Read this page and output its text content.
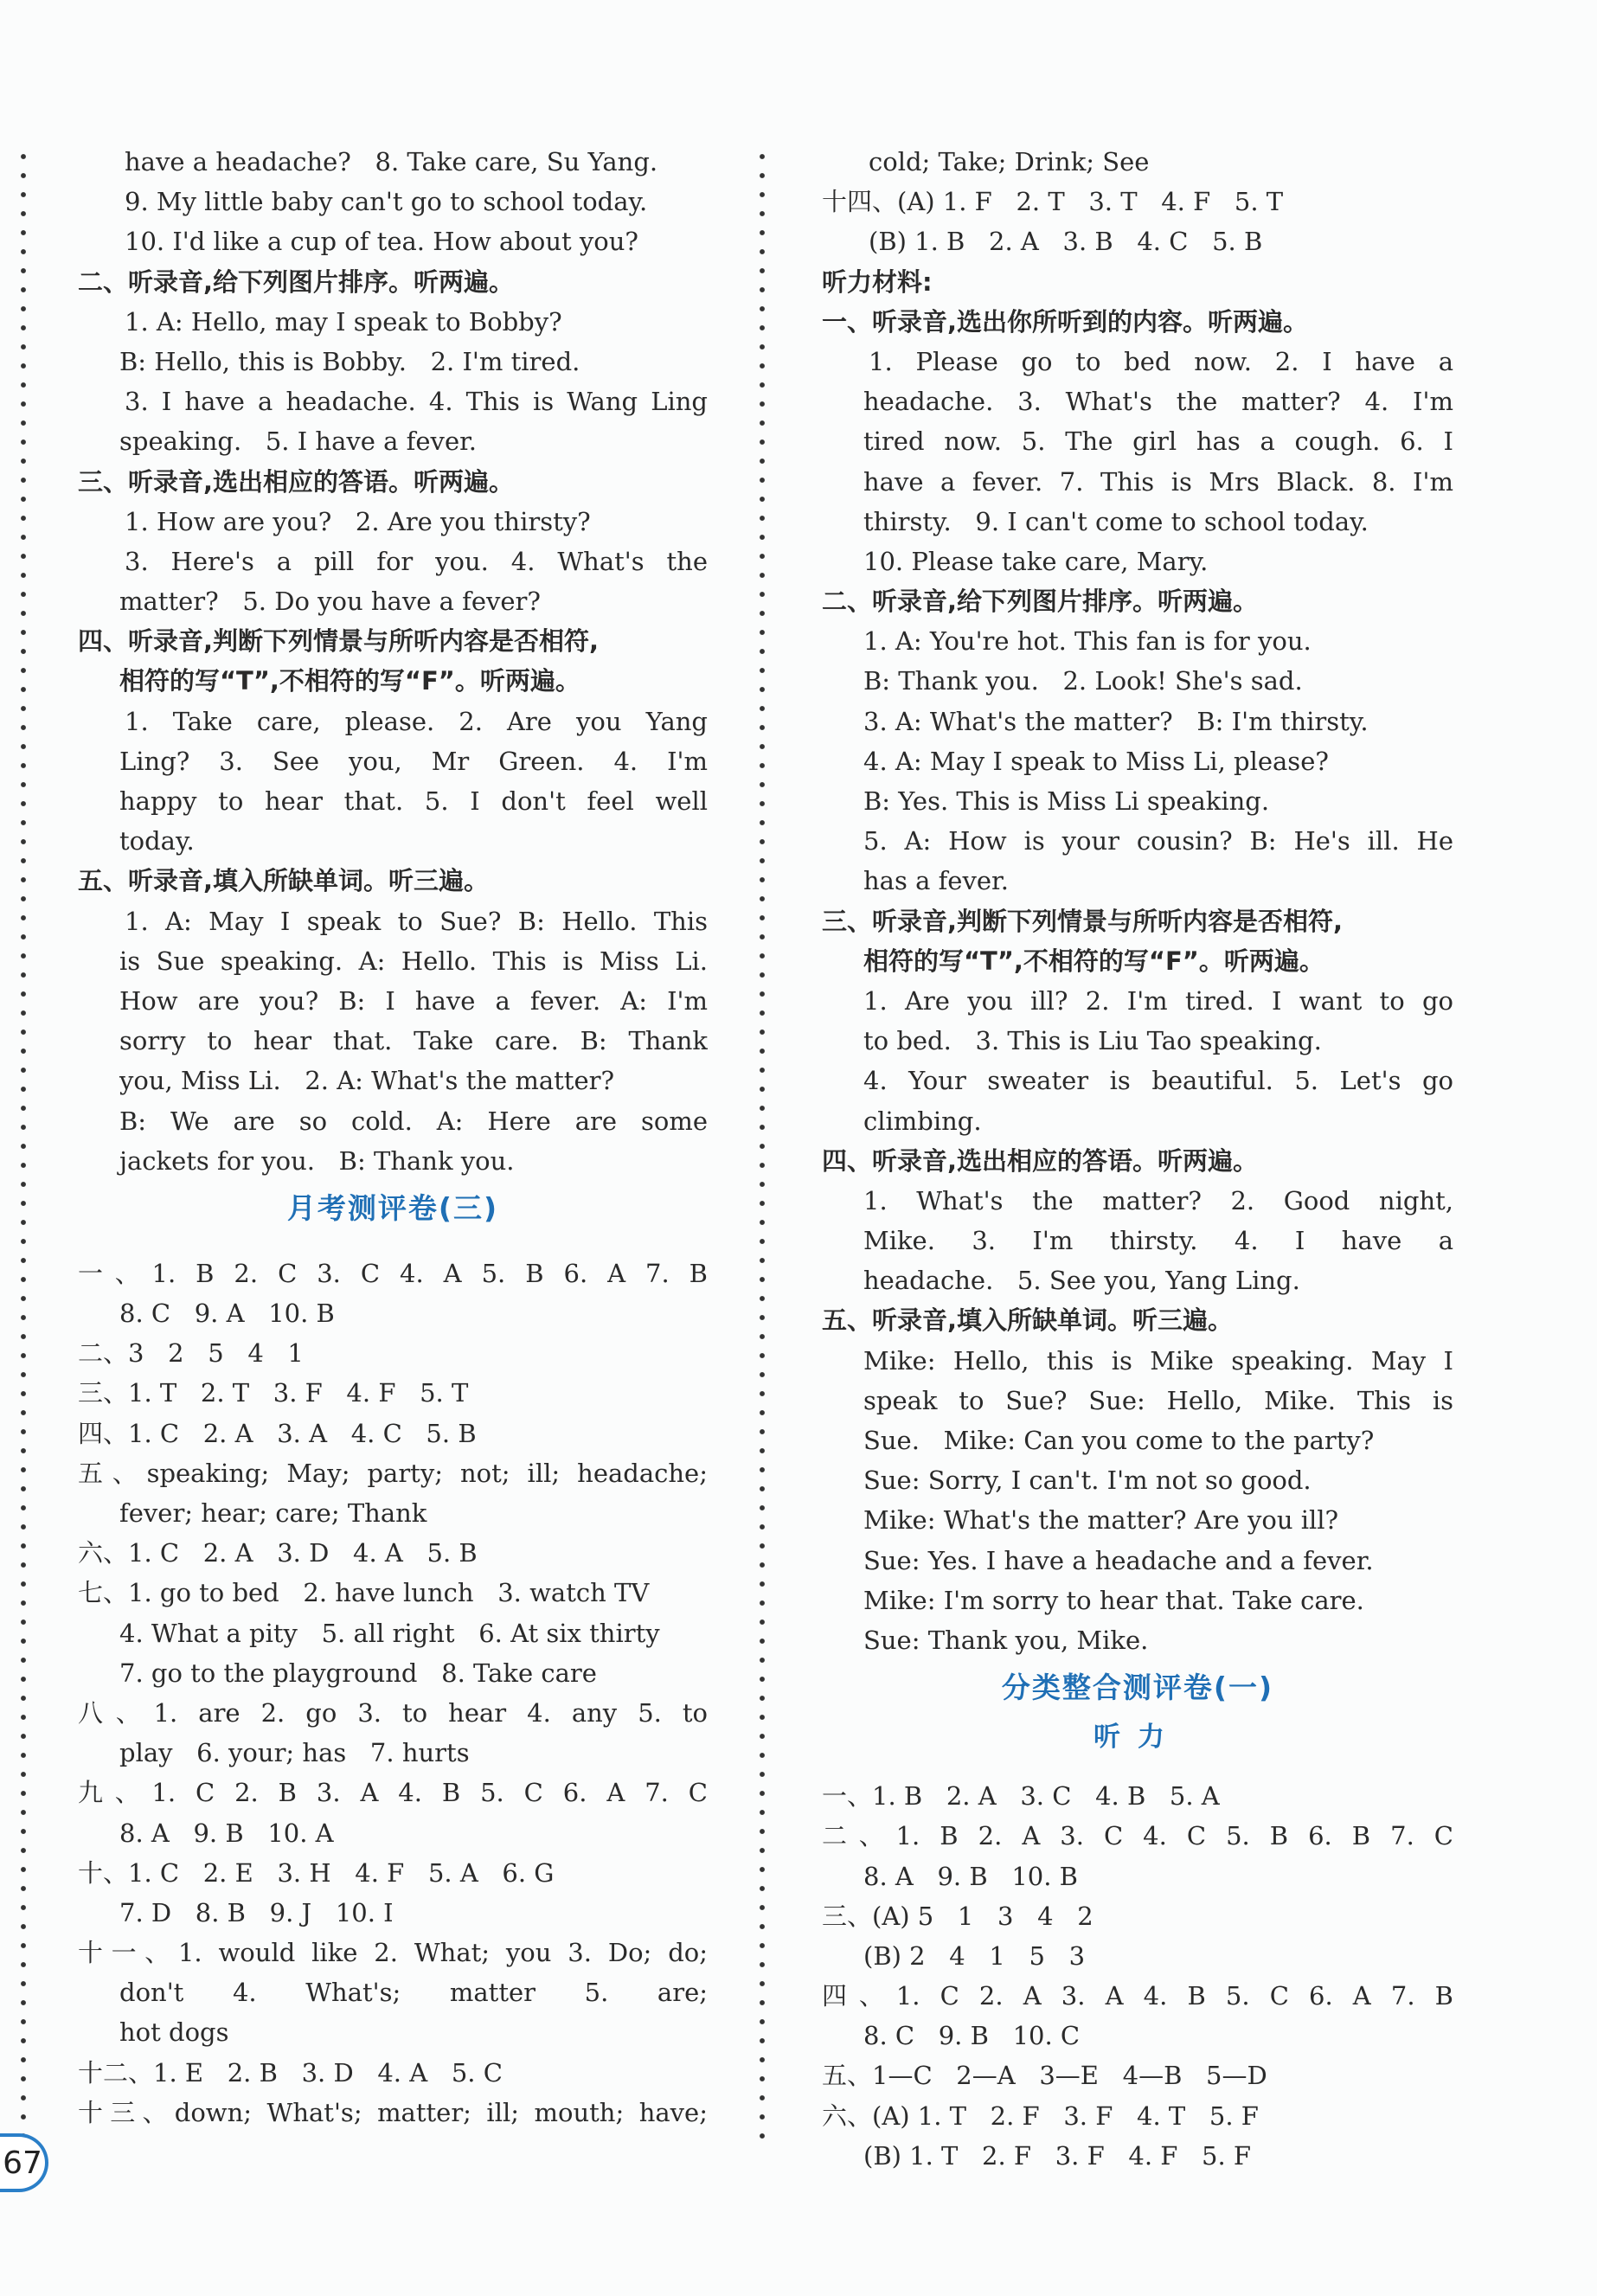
have a headache?   8. Take care, Su Yang.
9. My little baby can't go to school today.
10. I'd like a cup of tea. How about you?
二、听录音,给下列图片排序。听两遍。
1. A: Hello, may I speak to Bobby?
B: Hello, this is Bobby.   2. I'm tired.
3. I have a headache. 4. This is Wang Ling
speaking.   5. I have a fever.
三、听录音,选出相应的答语。听两遍。
1. How are you?   2. Are you thirsty?
3. Here's a pill for you. 4. What's the
matter?   5. Do you have a fever?
四、听录音,判断下列情景与所听内容是否相符,
相符的写“T”,不相符的写“F”。听两遍。
1. Take care, please. 2. Are you Yang
Ling? 3. See you, Mr Green. 4. I'm
happy to hear that. 5. I don't feel well
today.
五、听录音,填入所缺单词。听三遍。
1. A: May I speak to Sue? B: Hello. This
is Sue speaking. A: Hello. This is Miss Li.
How are you? B: I have a fever. A: I'm
sorry to hear that. Take care. B: Thank
you, Miss Li.   2. A: What's the matter?
B: We are so cold. A: Here are some
jackets for you.   B: Thank you.
月考测评卷(三)
一、1. B 2. C 3. C 4. A 5. B 6. A 7. B
8. C   9. A   10. B
二、3   2   5   4   1
三、1. T   2. T   3. F   4. F   5. T
四、1. C   2. A   3. A   4. C   5. B
五、speaking; May; party; not; ill; headache;
fever; hear; care; Thank
六、1. C   2. A   3. D   4. A   5. B
七、1. go to bed   2. have lunch   3. watch TV
4. What a pity   5. all right   6. At six thirty
7. go to the playground   8. Take care
八、1. are 2. go 3. to hear 4. any 5. to
play   6. your; has   7. hurts
九、1. C 2. B 3. A 4. B 5. C 6. A 7. C
8. A   9. B   10. A
十、1. C   2. E   3. H   4. F   5. A   6. G
7. D   8. B   9. J   10. I
十一、1. would like 2. What; you 3. Do; do;
don't 4. What's; matter 5. are;
hot dogs
十二、1. E   2. B   3. D   4. A   5. C
十三、down; What's; matter; ill; mouth; have;
cold; Take; Drink; See
十四、(A) 1. F   2. T   3. T   4. F   5. T
(B) 1. B   2. A   3. B   4. C   5. B
听力材料:
一、听录音,选出你所听到的内容。听两遍。
1. Please go to bed now. 2. I have a
headache. 3. What's the matter? 4. I'm
tired now. 5. The girl has a cough. 6. I
have a fever. 7. This is Mrs Black. 8. I'm
thirsty.   9. I can't come to school today.
10. Please take care, Mary.
二、听录音,给下列图片排序。听两遍。
1. A: You're hot. This fan is for you.
B: Thank you.   2. Look! She's sad.
3. A: What's the matter?   B: I'm thirsty.
4. A: May I speak to Miss Li, please?
B: Yes. This is Miss Li speaking.
5. A: How is your cousin? B: He's ill. He
has a fever.
三、听录音,判断下列情景与所听内容是否相符,
相符的写“T”,不相符的写“F”。听两遍。
1. Are you ill? 2. I'm tired. I want to go
to bed.   3. This is Liu Tao speaking.
4. Your sweater is beautiful. 5. Let's go
climbing.
四、听录音,选出相应的答语。听两遍。
1. What's the matter? 2. Good night,
Mike. 3. I'm thirsty. 4. I have a
headache.   5. See you, Yang Ling.
五、听录音,填入所缺单词。听三遍。
Mike: Hello, this is Mike speaking. May I
speak to Sue? Sue: Hello, Mike. This is
Sue.   Mike: Can you come to the party?
Sue: Sorry, I can't. I'm not so good.
Mike: What's the matter? Are you ill?
Sue: Yes. I have a headache and a fever.
Mike: I'm sorry to hear that. Take care.
Sue: Thank you, Mike.
分类整合测评卷(一)
听力
一、1. B   2. A   3. C   4. B   5. A
二、1. B 2. A 3. C 4. C 5. B 6. B 7. C
8. A   9. B   10. B
三、(A) 5   1   3   4   2
(B) 2   4   1   5   3
四、1. C 2. A 3. A 4. B 5. C 6. A 7. B
8. C   9. B   10. C
五、1—C   2—A   3—E   4—B   5—D
六、(A) 1. T   2. F   3. F   4. T   5. F
(B) 1. T   2. F   3. F   4. F   5. F
67
